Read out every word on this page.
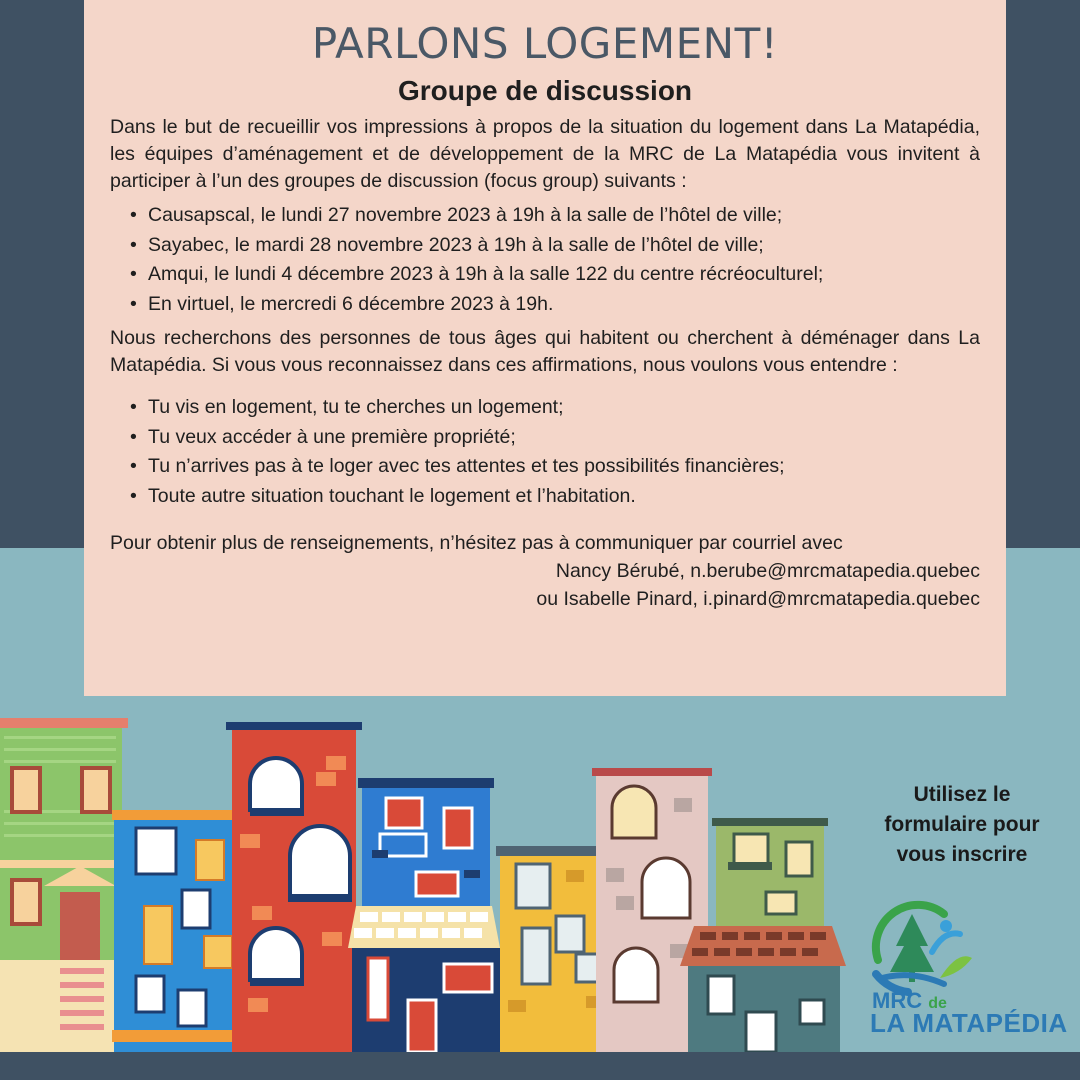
PARLONS LOGEMENT!
Groupe de discussion

Dans le but de recueillir vos impressions à propos de la situation du logement dans La Matapédia, les équipes d’aménagement et de développement de la MRC de La Matapédia vous invitent à participer à l’un des groupes de discussion (focus group) suivants :

• Causapscal, le lundi 27 novembre 2023 à 19h à la salle de l’hôtel de ville;
• Sayabec, le mardi 28 novembre 2023 à 19h à la salle de l’hôtel de ville;
• Amqui, le lundi 4 décembre 2023 à 19h à la salle 122 du centre récréoculturel;
• En virtuel, le mercredi 6 décembre 2023 à 19h.

Nous recherchons des personnes de tous âges qui habitent ou cherchent à déménager dans La Matapédia. Si vous vous reconnaissez dans ces affirmations, nous voulons vous entendre :

• Tu vis en logement, tu te cherches un logement;
• Tu veux accéder à une première propriété;
• Tu n’arrives pas à te loger avec tes attentes et tes possibilités financières;
• Toute autre situation touchant le logement et l’habitation.

Pour obtenir plus de renseignements, n’hésitez pas à communiquer par courriel avec

Nancy Bérubé, n.berube@mrcmatapedia.quebec

ou Isabelle Pinard, i.pinard@mrcmatapedia.quebec

Utilisez le
formulaire pour
vous inscrire
MRC de
LA MATAPÉDIA
